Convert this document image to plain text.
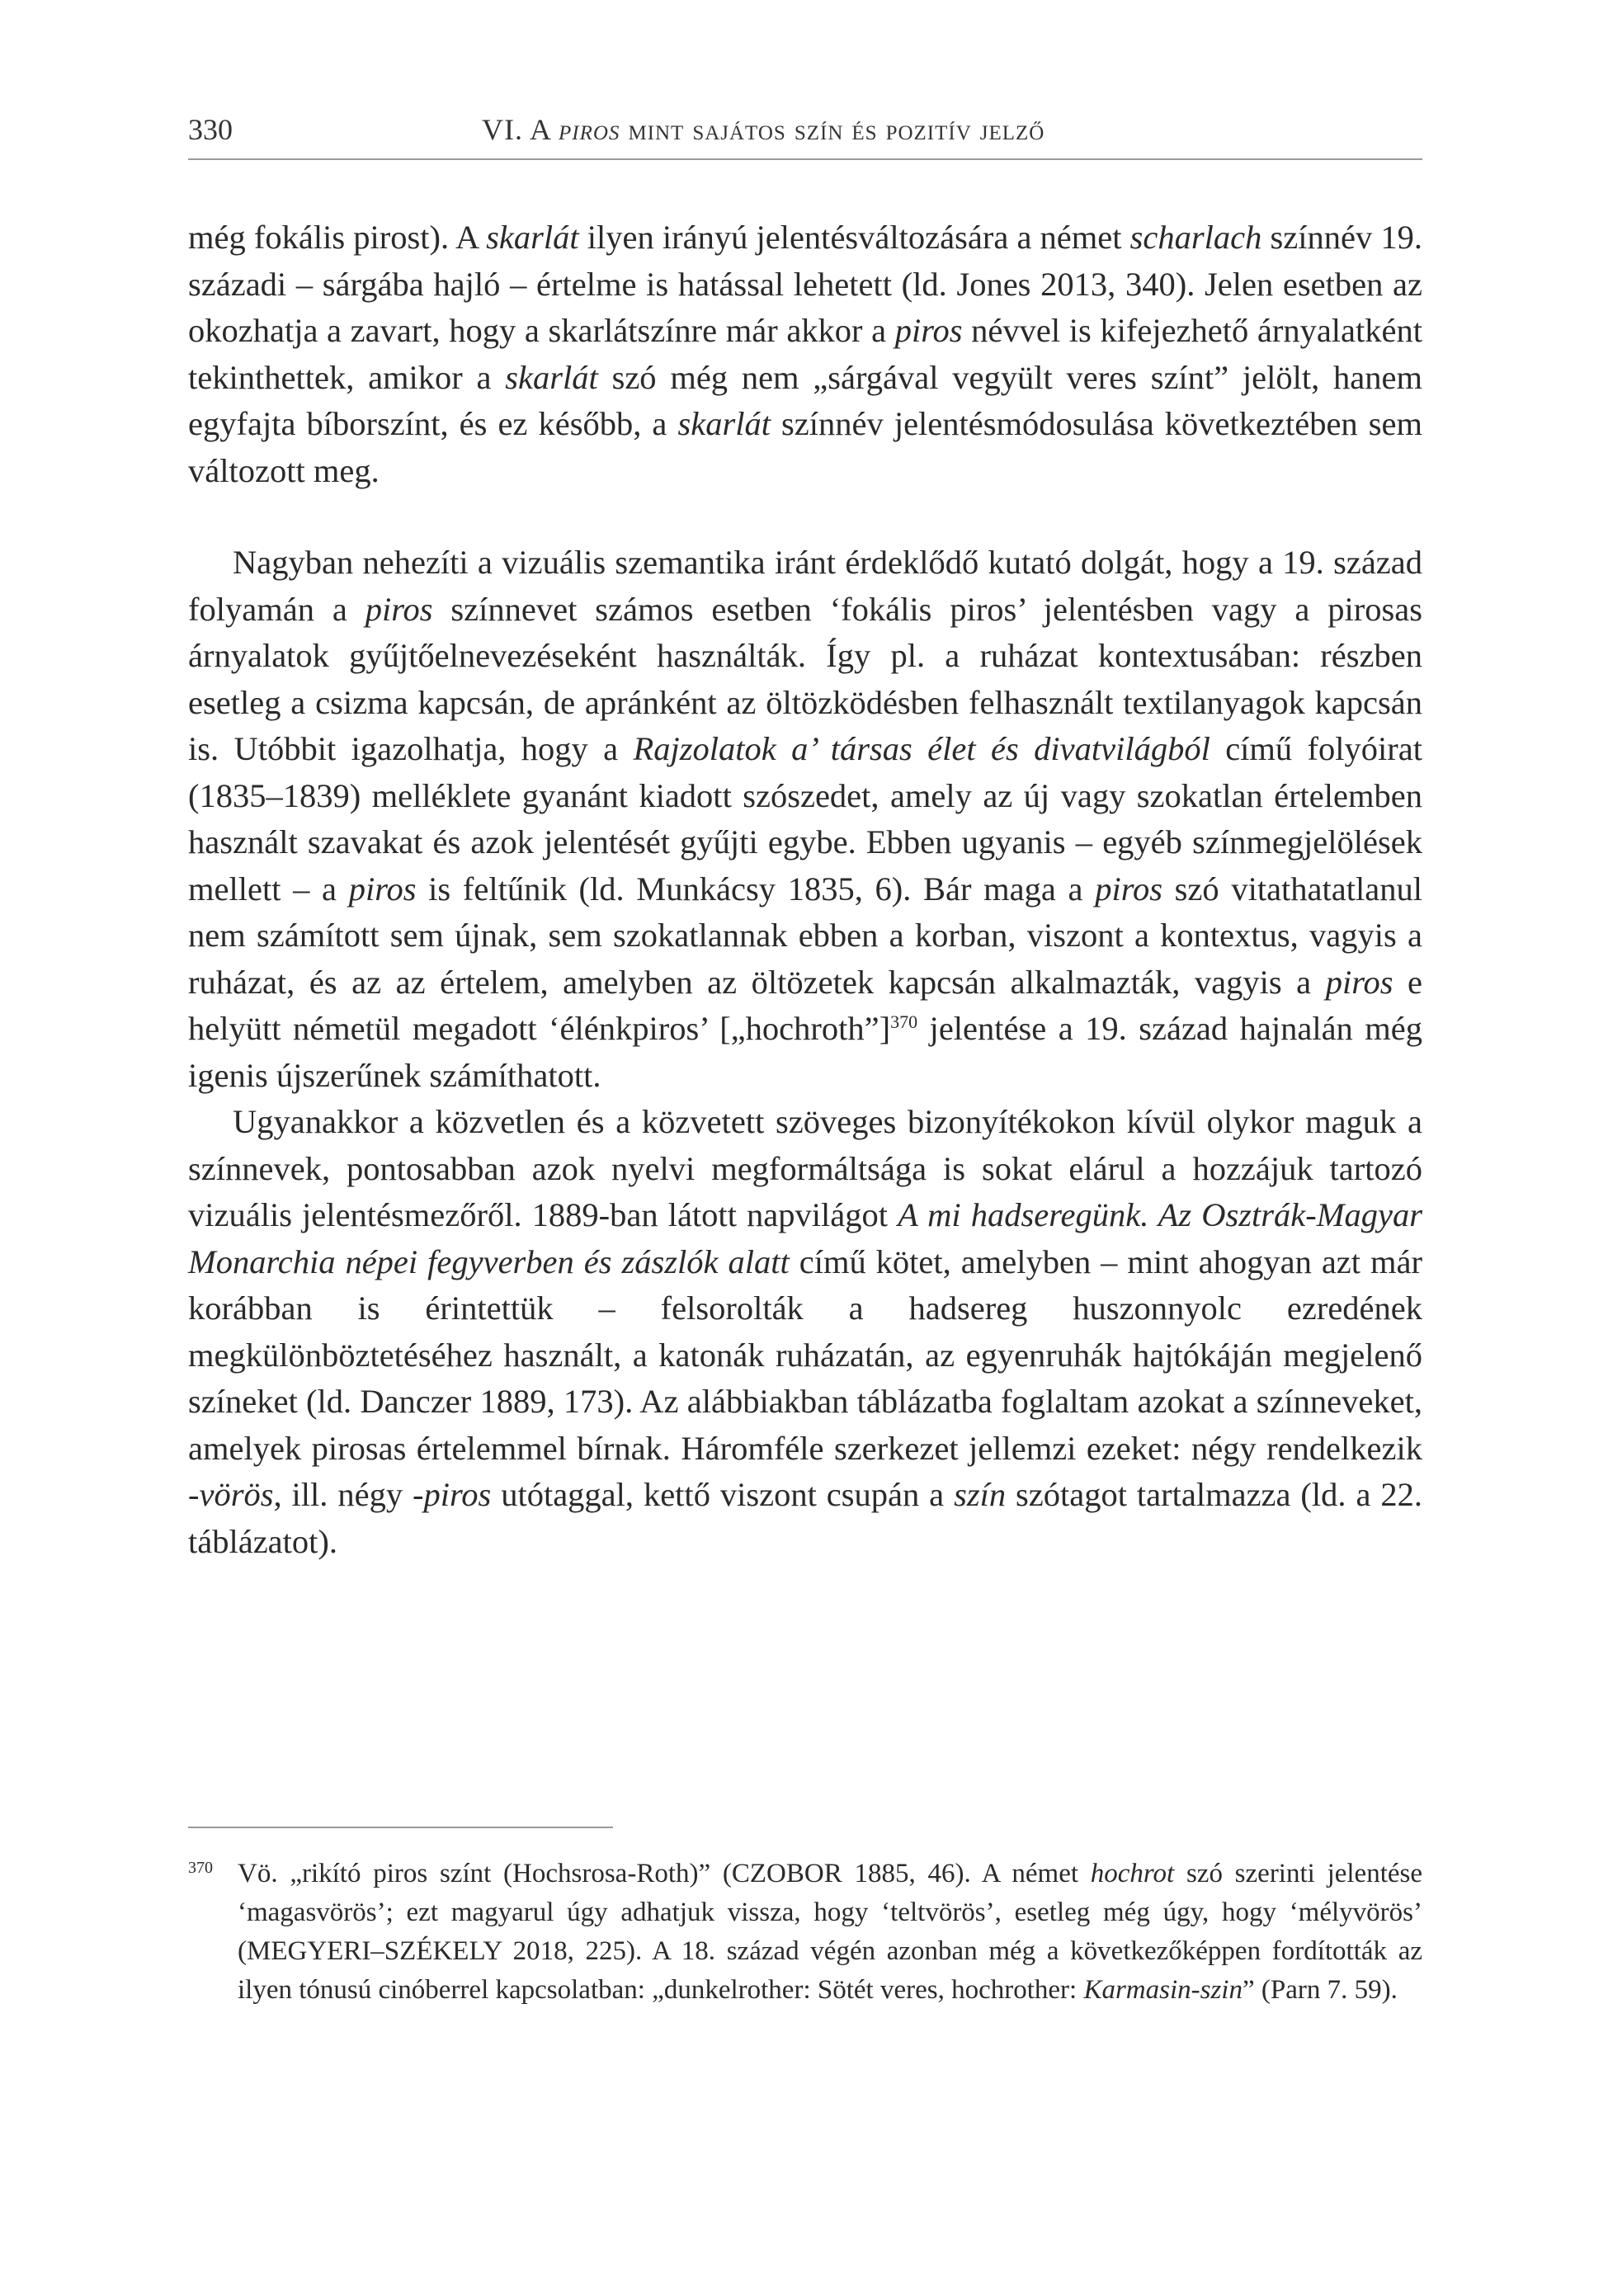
330	VI. A piros mint sajátos szín és pozitív jelző

még fokális pirost). A skarlát ilyen irányú jelentésváltozására a német scharlach színnév 19. századi – sárgába hajló – értelme is hatással lehetett (ld. Jones 2013, 340). Jelen esetben az okozhatja a zavart, hogy a skarlátszínre már akkor a piros névvel is kifejezhető árnyalatként tekinthettek, amikor a skarlát szó még nem „sárgával vegyült veres színt” jelölt, hanem egyfajta bíborszínt, és ez később, a skarlát színnév jelentésmódosulása következtében sem változott meg.

Nagyban nehezíti a vizuális szemantika iránt érdeklődő kutató dolgát, hogy a 19. század folyamán a piros színnevet számos esetben ‘fokális piros’ jelentésben vagy a pirosas árnyalatok gyűjtőelnevezéseként használták. Így pl. a ruházat kontextusában: részben esetleg a csizma kapcsán, de apránként az öltözködésben felhasznált textilanyagok kapcsán is. Utóbbit igazolhatja, hogy a Rajzolatok a’ társas élet és divatvilágból című folyóirat (1835–1839) melléklete gyanánt kiadott szószedet, amely az új vagy szokatlan értelemben használt szavakat és azok jelentését gyűjti egybe. Ebben ugyanis – egyéb színmegjelölések mellett – a piros is feltűnik (ld. Munkácsy 1835, 6). Bár maga a piros szó vitathatatlanul nem számított sem újnak, sem szokatlannak ebben a korban, viszont a kontextus, vagyis a ruházat, és az az értelem, amelyben az öltözetek kapcsán alkalmazták, vagyis a piros e helyütt németül megadott ‘élénkpiros’ [„hochroth”]$^{370}$ jelentése a 19. század hajnalán még igenis újszerűnek számíthatott.

Ugyanakkor a közvetlen és a közvetett szöveges bizonyítékokon kívül olykor maguk a színnevek, pontosabban azok nyelvi megformáltsága is sokat elárul a hozzájuk tartozó vizuális jelentésmezőről. 1889-ban látott napvilágot A mi hadseregünk. Az Osztrák-Magyar Monarchia népei fegyverben és zászlók alatt című kötet, amelyben – mint ahogyan azt már korábban is érintettük – felsorolták a hadsereg huszonnyolc ezredének megkülönböztetéséhez használt, a katonák ruházatán, az egyenruhák hajtókáján megjelenő színeket (ld. Danczer 1889, 173). Az alábbiakban táblázatba foglaltam azokat a színneveket, amelyek pirosas értelemmel bírnak. Háromféle szerkezet jellemzi ezeket: négy rendelkezik -vörös, ill. négy -piros utótaggal, kettő viszont csupán a szín szótagot tartalmazza (ld. a 22. táblázatot).

370 Vö. „rikító piros színt (Hochsrosa-Roth)” (CZOBOR 1885, 46). A német hochrot szó szerinti jelentése ‘magasvörös’; ezt magyarul úgy adhatjuk vissza, hogy ‘teltvörös’, esetleg még úgy, hogy ‘mélyvörös’ (MEGYERI–SZÉKELY 2018, 225). A 18. század végén azonban még a következőképpen fordították az ilyen tónusú cinóberrel kapcsolatban: „dunkelrother: Sötét veres, hochrother: Karmasin-szin” (Parn 7. 59).
